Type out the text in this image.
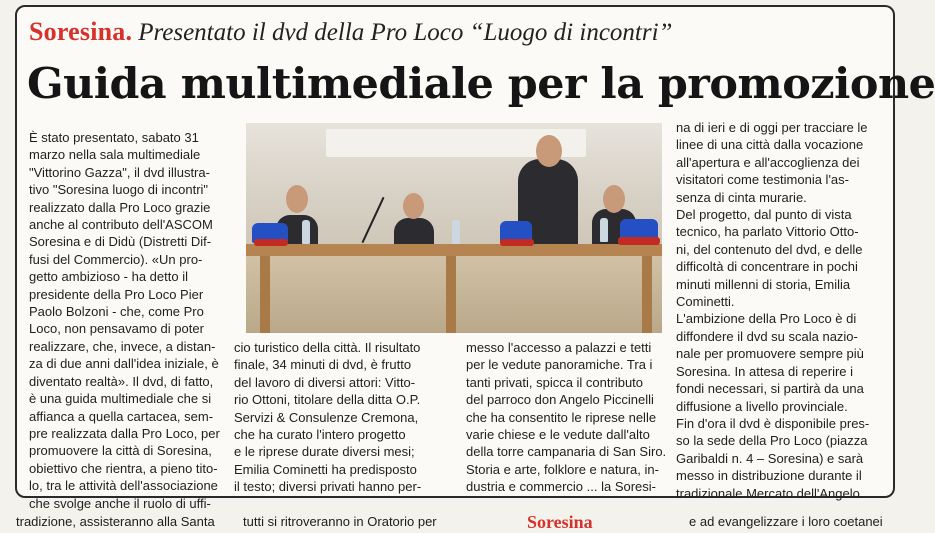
Soresina. Presentato il dvd della Pro Loco “Luogo di incontri”
Guida multimediale per la promozione

È stato presentato, sabato 31

marzo nella sala multimediale

"Vittorino Gazza", il dvd illustra-

tivo "Soresina luogo di incontri"

realizzato dalla Pro Loco grazie

anche al contributo dell'ASCOM

Soresina e di Didù (Distretti Dif-

fusi del Commercio). «Un pro-

getto ambizioso - ha detto il

presidente della Pro Loco Pier

Paolo Bolzoni - che, come Pro

Loco, non pensavamo di poter

realizzare, che, invece, a distan-

za di due anni dall'idea iniziale, è

diventato realtà». Il dvd, di fatto,

è una guida multimediale che si

affianca a quella cartacea, sem-

pre realizzata dalla Pro Loco, per

promuovere la città di Soresina,

obiettivo che rientra, a pieno tito-

lo, tra le attività dell'associazione

che svolge anche il ruolo di uffi-

cio turistico della città. Il risultato

finale, 34 minuti di dvd, è frutto

del lavoro di diversi attori: Vitto-

rio Ottoni, titolare della ditta O.P.

Servizi & Consulenze Cremona,

che ha curato l'intero progetto

e le riprese durate diversi mesi;

Emilia Cominetti ha predisposto

il testo; diversi privati hanno per-

messo l'accesso a palazzi e tetti

per le vedute panoramiche. Tra i

tanti privati, spicca il contributo

del parroco don Angelo Piccinelli

che ha consentito le riprese nelle

varie chiese e le vedute dall'alto

della torre campanaria di San Siro.

Storia e arte, folklore e natura, in-

dustria e commercio ... la Soresi-

na di ieri e di oggi per tracciare le

linee di una città dalla vocazione

all'apertura e all'accoglienza dei

visitatori come testimonia l'as-

senza di cinta murarie.

Del progetto, dal punto di vista

tecnico, ha parlato Vittorio Otto-

ni, del contenuto del dvd, e delle

difficoltà di concentrare in pochi

minuti millenni di storia, Emilia

Cominetti.

L'ambizione della Pro Loco è di

diffondere il dvd su scala nazio-

nale per promuovere sempre più

Soresina. In attesa di reperire i

fondi necessari, si partirà da una

diffusione a livello provinciale.

Fin d'ora il dvd è disponibile pres-

so la sede della Pro Loco (piazza

Garibaldi n. 4 – Soresina) e sarà

messo in distribuzione durante il

tradizionale Mercato dell'Angelo.

tradizione, assisteranno alla Santa tutti si ritroveranno in Oratorio per	Soresina	e ad evangelizzare i loro coetanei
